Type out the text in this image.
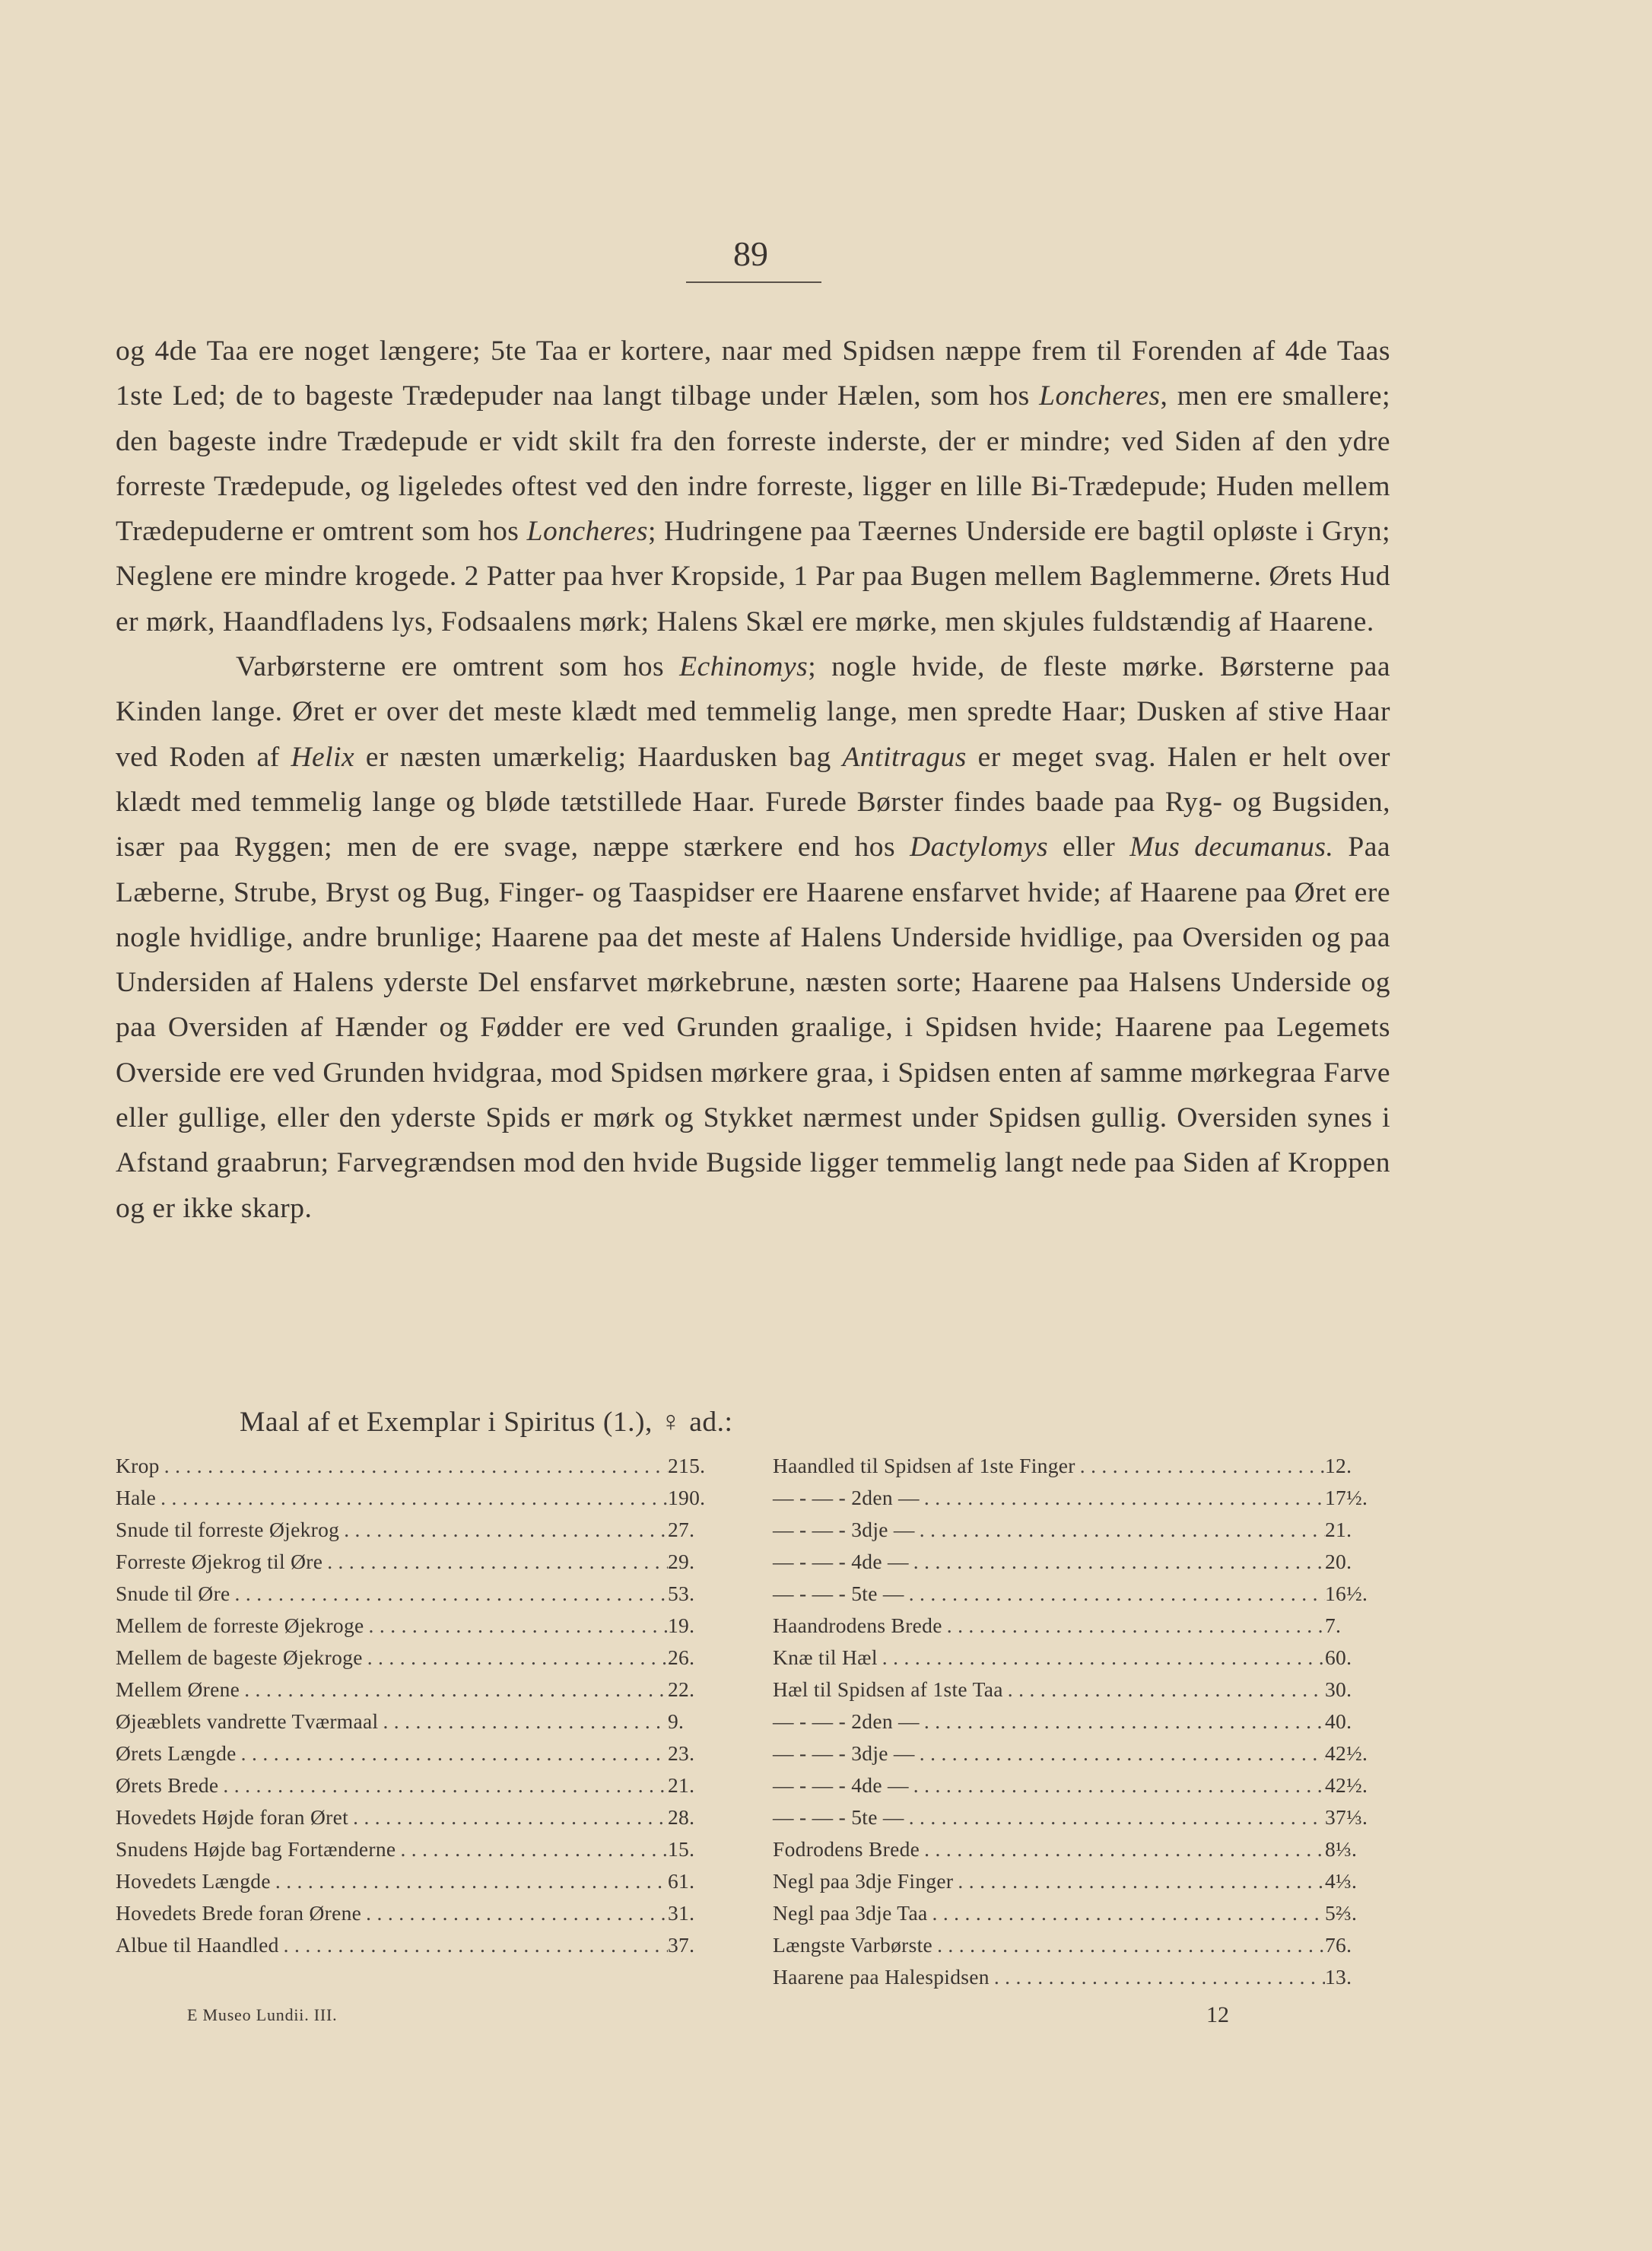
89

og 4de Taa ere noget længere; 5te Taa er kortere, naar med Spidsen næppe frem til Forenden af 4de Taas 1ste Led; de to bageste Trædepuder naa langt tilbage under Hælen, som hos Loncheres, men ere smallere; den bageste indre Trædepude er vidt skilt fra den forreste inderste, der er mindre; ved Siden af den ydre forreste Trædepude, og ligeledes oftest ved den indre forreste, ligger en lille Bi-Trædepude; Huden mellem Trædepuderne er omtrent som hos Loncheres; Hudringene paa Tæernes Underside ere bagtil opløste i Gryn; Neglene ere mindre krogede. 2 Patter paa hver Kropside, 1 Par paa Bugen mellem Baglemmerne. Ørets Hud er mørk, Haandfladens lys, Fodsaalens mørk; Halens Skæl ere mørke, men skjules fuldstændig af Haarene.

Varbørsterne ere omtrent som hos Echinomys; nogle hvide, de fleste mørke. Børsterne paa Kinden lange. Øret er over det meste klædt med temmelig lange, men spredte Haar; Dusken af stive Haar ved Roden af Helix er næsten umærkelig; Haardusken bag Antitragus er meget svag. Halen er helt over klædt med temmelig lange og bløde tætstillede Haar. Furede Børster findes baade paa Ryg- og Bugsiden, især paa Ryggen; men de ere svage, næppe stærkere end hos Dactylomys eller Mus decumanus. Paa Læberne, Strube, Bryst og Bug, Finger- og Taaspidser ere Haarene ensfarvet hvide; af Haarene paa Øret ere nogle hvidlige, andre brunlige; Haarene paa det meste af Halens Underside hvidlige, paa Oversiden og paa Undersiden af Halens yderste Del ensfarvet mørkebrune, næsten sorte; Haarene paa Halsens Underside og paa Oversiden af Hænder og Fødder ere ved Grunden graalige, i Spidsen hvide; Haarene paa Legemets Overside ere ved Grunden hvidgraa, mod Spidsen mørkere graa, i Spidsen enten af samme mørkegraa Farve eller gullige, eller den yderste Spids er mørk og Stykket nærmest under Spidsen gullig. Oversiden synes i Afstand graabrun; Farvegrændsen mod den hvide Bugside ligger temmelig langt nede paa Siden af Kroppen og er ikke skarp.

Maal af et Exemplar i Spiritus (1.), ♀ ad.:
Krop . . .	215.
Hale . . .	190.
Snude til forreste Øjekrog . . .	27.
Forreste Øjekrog til Øre . . .	29.
Snude til Øre . . .	53.
Mellem de forreste Øjekroge . . .	19.
Mellem de bageste Øjekroge . . .	26.
Mellem Ørene . . .	22.
Øjeæblets vandrette Tværmaal . . .	9.
Ørets Længde . . .	23.
Ørets Brede . . .	21.
Hovedets Højde foran Øret . . .	28.
Snudens Højde bag Fortænderne . . .	15.
Hovedets Længde . . .	61.
Hovedets Brede foran Ørene . . .	31.
Albue til Haandled . . .	37.
Haandled til Spidsen af 1ste Finger . . .	12.
— - — - 2den — . . .	17½.
— - — - 3dje — . . .	21.
— - — - 4de — . . .	20.
— - — - 5te — . . .	16½.
Haandrodens Brede . . .	7.
Knæ til Hæl . . .	60.
Hæl til Spidsen af 1ste Taa . . .	30.
— - — - 2den — . . .	40.
— - — - 3dje — . . .	42½.
— - — - 4de — . . .	42½.
— - — - 5te — . . .	37⅓.
Fodrodens Brede . . .	8⅓.
Negl paa 3dje Finger . . .	4⅓.
Negl paa 3dje Taa . . .	5⅔.
Længste Varbørste . . .	76.
Haarene paa Halespidsen . . .	13.
E Museo Lundii. III.	12
